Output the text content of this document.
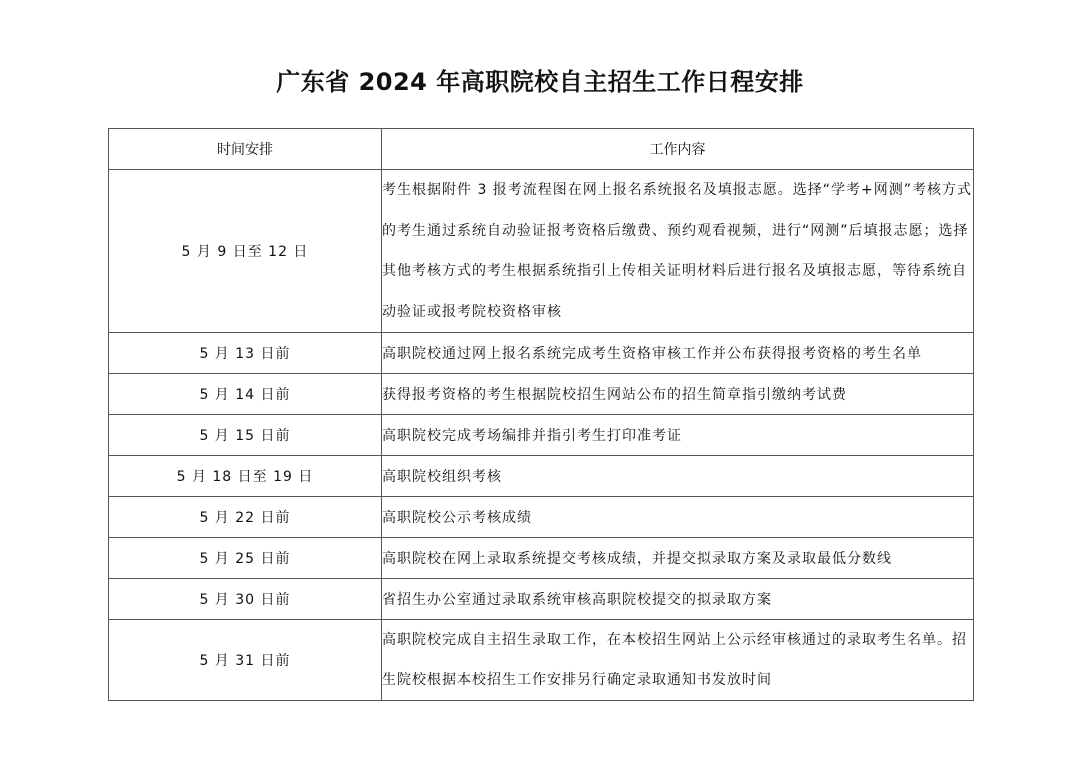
广东省 2024 年高职院校自主招生工作日程安排
时间安排	工作内容
5 月 9 日至 12 日	考生根据附件 3 报考流程图在网上报名系统报名及填报志愿。选择“学考+网测”考核方式的考生通过系统自动验证报考资格后缴费、预约观看视频，进行“网测”后填报志愿；选择其他考核方式的考生根据系统指引上传相关证明材料后进行报名及填报志愿，等待系统自动验证或报考院校资格审核
5 月 13 日前	高职院校通过网上报名系统完成考生资格审核工作并公布获得报考资格的考生名单
5 月 14 日前	获得报考资格的考生根据院校招生网站公布的招生简章指引缴纳考试费
5 月 15 日前	高职院校完成考场编排并指引考生打印准考证
5 月 18 日至 19 日	高职院校组织考核
5 月 22 日前	高职院校公示考核成绩
5 月 25 日前	高职院校在网上录取系统提交考核成绩，并提交拟录取方案及录取最低分数线
5 月 30 日前	省招生办公室通过录取系统审核高职院校提交的拟录取方案
5 月 31 日前	高职院校完成自主招生录取工作，在本校招生网站上公示经审核通过的录取考生名单。招生院校根据本校招生工作安排另行确定录取通知书发放时间
